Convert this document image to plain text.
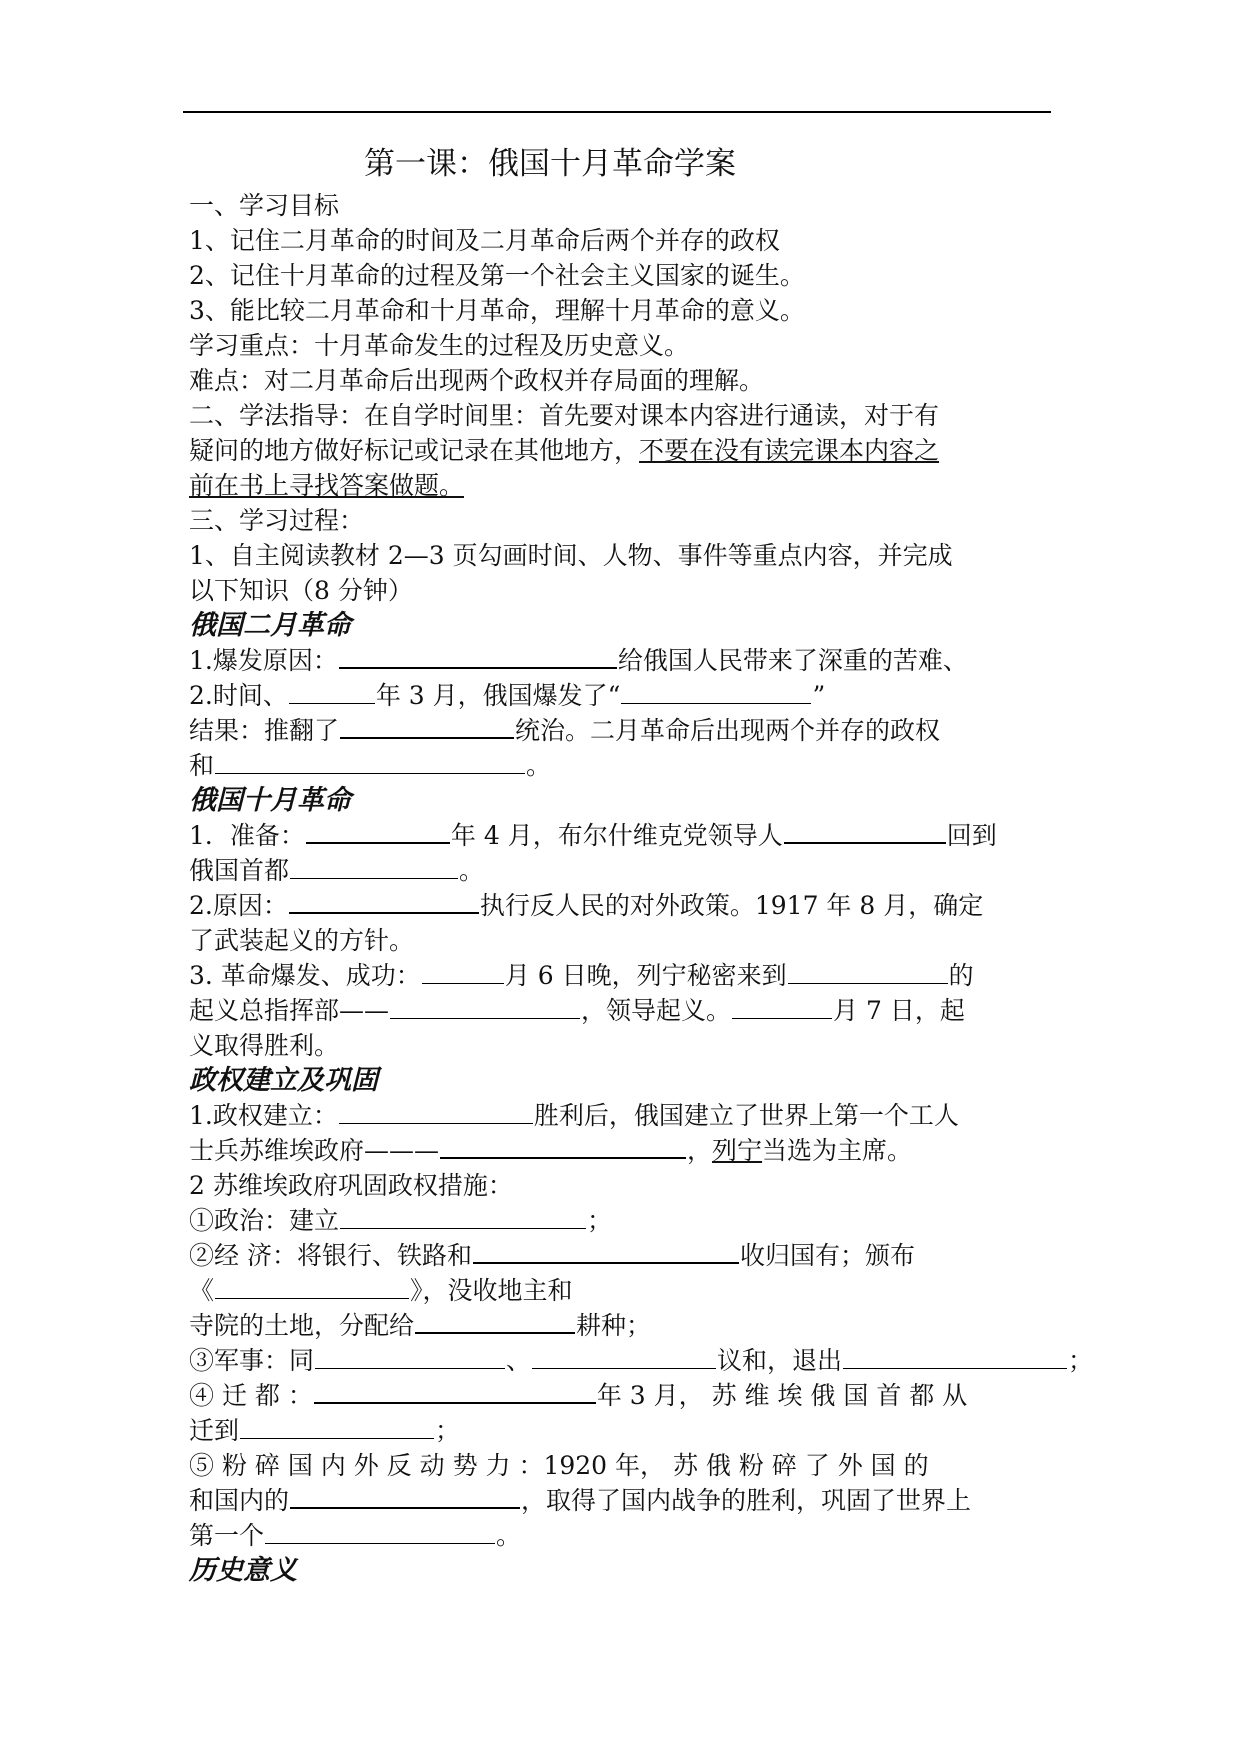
第一课：俄国十月革命学案
一、学习目标
1、记住二月革命的时间及二月革命后两个并存的政权
2、记住十月革命的过程及第一个社会主义国家的诞生。
3、能比较二月革命和十月革命，理解十月革命的意义。
学习重点：十月革命发生的过程及历史意义。
难点：对二月革命后出现两个政权并存局面的理解。
二、学法指导：在自学时间里：首先要对课本内容进行通读，对于有
疑问的地方做好标记或记录在其他地方，不要在没有读完课本内容之
前在书上寻找答案做题。
三、学习过程：
1、自主阅读教材 2—3 页勾画时间、人物、事件等重点内容，并完成
以下知识（8 分钟）
俄国二月革命
1.爆发原因：	给俄国人民带来了深重的苦难、
2.时间、	年 3 月，俄国爆发了“	”
结果：推翻了	统治。二月革命后出现两个并存的政权
和	。
俄国十月革命
1．准备：	年 4 月，布尔什维克党领导人	回到
俄国首都	。
2.原因：	执行反人民的对外政策。1917 年 8 月，确定
了武装起义的方针。
3. 革命爆发、成功：	月 6 日晚，列宁秘密来到	的
起义总指挥部——	，领导起义。	月 7 日，起
义取得胜利。
政权建立及巩固
1.政权建立：	胜利后，俄国建立了世界上第一个工人
士兵苏维埃政府———	，列宁当选为主席。
2 苏维埃政府巩固政权措施：
①政治：建立	；
②经 济：将银行、铁路和	收归国有；颁布
《	》，没收地主和
寺院的土地，分配给	耕种；
③军事：同	、	议和，退出	；
④ 迁 都 ：	年 3 月， 苏 维 埃 俄 国 首 都 从
迁到	；
⑤ 粉 碎 国 内 外 反 动 势 力 ：1920 年， 苏 俄 粉 碎 了 外 国 的
和国内的	，取得了国内战争的胜利，巩固了世界上
第一个	。
历史意义
